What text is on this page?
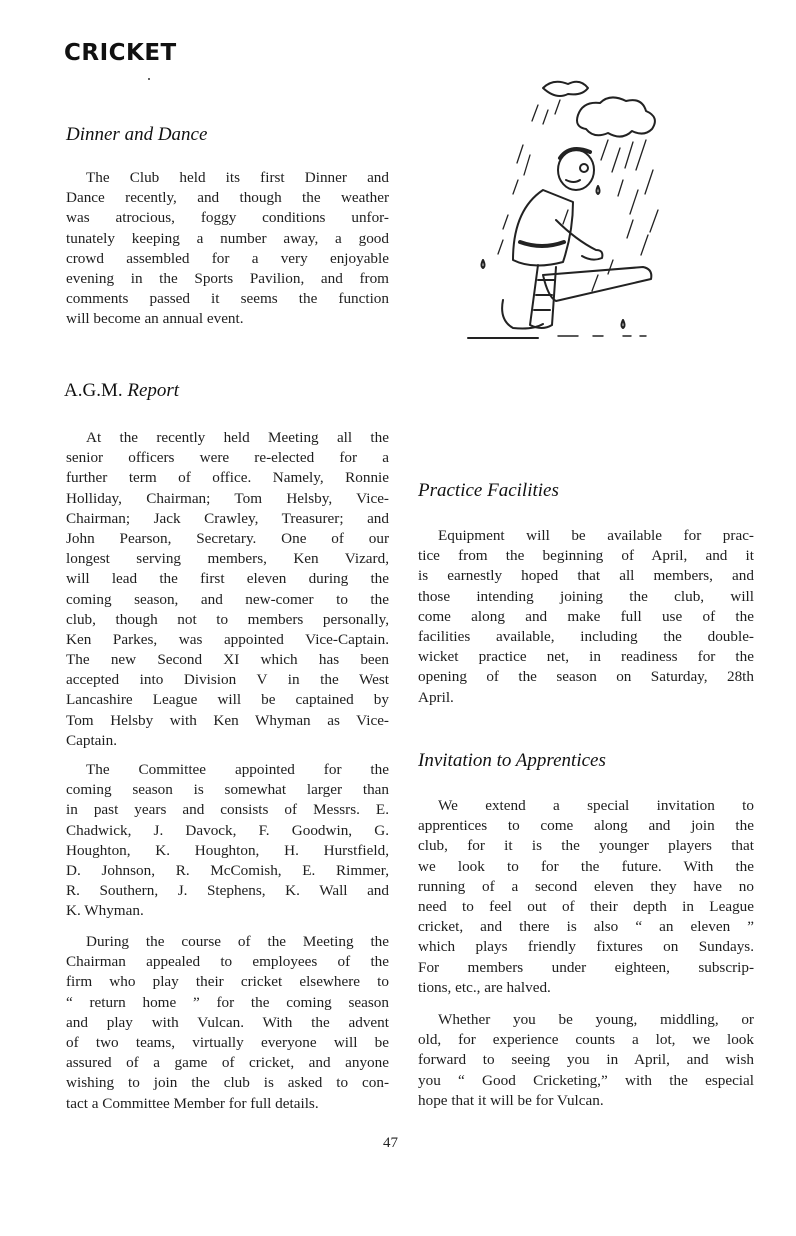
CRICKET
Dinner and Dance
The Club held its first Dinner and
Dance recently, and though the weather
was atrocious, foggy conditions unfor-
tunately keeping a number away, a good
crowd assembled for a very enjoyable
evening in the Sports Pavilion, and from
comments passed it seems the function
will become an annual event.
A.G.M. Report
At the recently held Meeting all the
senior officers were re-elected for a
further term of office. Namely, Ronnie
Holliday, Chairman; Tom Helsby, Vice-
Chairman; Jack Crawley, Treasurer; and
John Pearson, Secretary. One of our
longest serving members, Ken Vizard,
will lead the first eleven during the
coming season, and new-comer to the
club, though not to members personally,
Ken Parkes, was appointed Vice-Captain.
The new Second XI which has been
accepted into Division V in the West
Lancashire League will be captained by
Tom Helsby with Ken Whyman as Vice-
Captain.
The Committee appointed for the
coming season is somewhat larger than
in past years and consists of Messrs. E.
Chadwick, J. Davock, F. Goodwin, G.
Houghton, K. Houghton, H. Hurstfield,
D. Johnson, R. McComish, E. Rimmer,
R. Southern, J. Stephens, K. Wall and
K. Whyman.
During the course of the Meeting the
Chairman appealed to employees of the
firm who play their cricket elsewhere to
“ return home ” for the coming season
and play with Vulcan. With the advent
of two teams, virtually everyone will be
assured of a game of cricket, and anyone
wishing to join the club is asked to con-
tact a Committee Member for full details.
Practice Facilities
Equipment will be available for prac-
tice from the beginning of April, and it
is earnestly hoped that all members, and
those intending joining the club, will
come along and make full use of the
facilities available, including the double-
wicket practice net, in readiness for the
opening of the season on Saturday, 28th
April.
Invitation to Apprentices
We extend a special invitation to
apprentices to come along and join the
club, for it is the younger players that
we look to for the future. With the
running of a second eleven they have no
need to feel out of their depth in League
cricket, and there is also “ an eleven ”
which plays friendly fixtures on Sundays.
For members under eighteen, subscrip-
tions, etc., are halved.
Whether you be young, middling, or
old, for experience counts a lot, we look
forward to seeing you in April, and wish
you “ Good Cricketing,” with the especial
hope that it will be for Vulcan.
47
